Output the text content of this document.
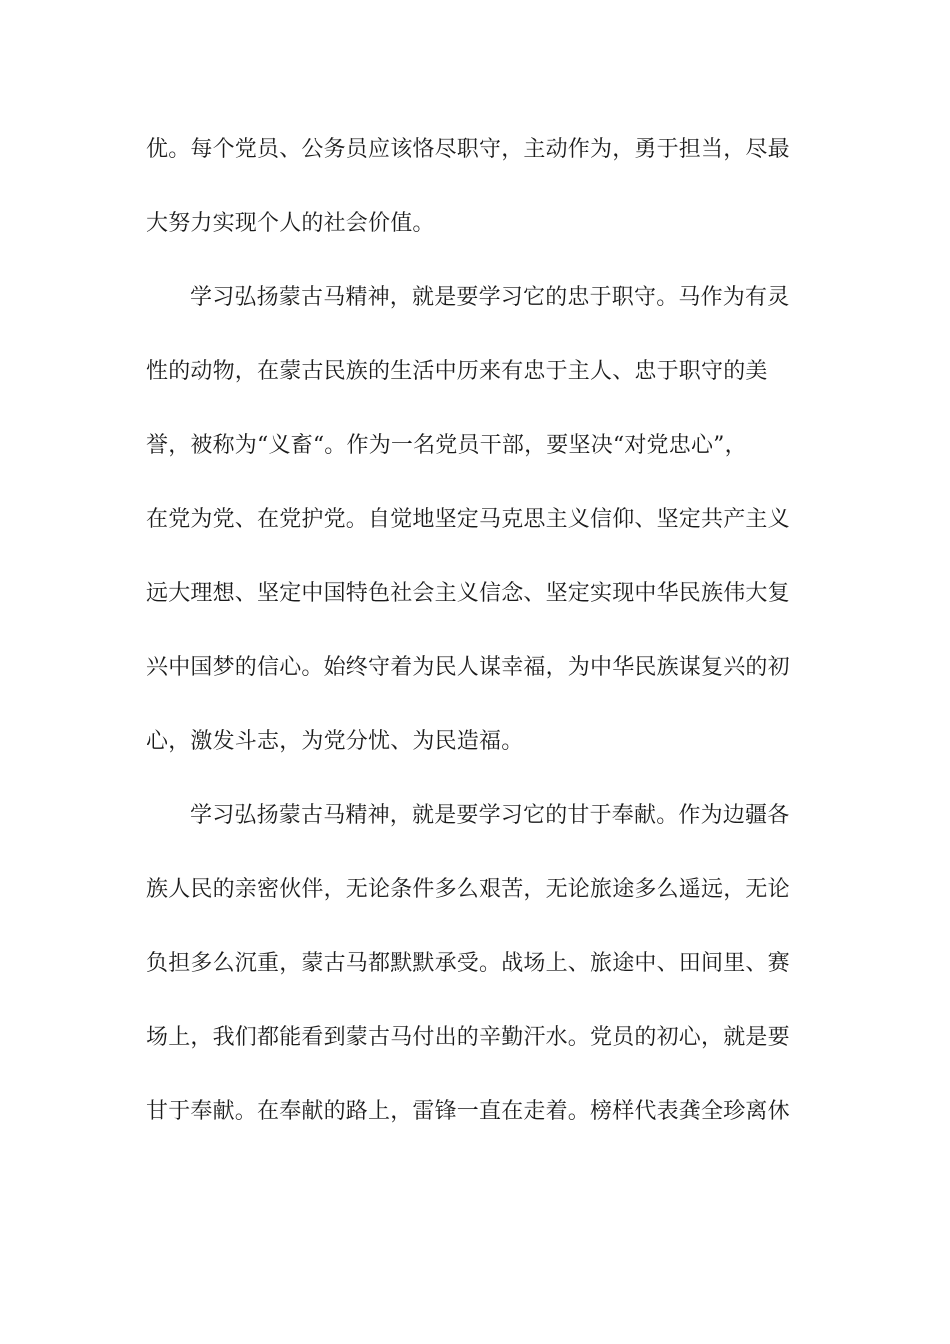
优。每个党员、公务员应该恪尽职守，主动作为，勇于担当，尽最
大努力实现个人的社会价值。
学习弘扬蒙古马精神，就是要学习它的忠于职守。马作为有灵
性的动物，在蒙古民族的生活中历来有忠于主人、忠于职守的美
誉，被称为“义畜“。作为一名党员干部，要坚决“对党忠心”，
在党为党、在党护党。自觉地坚定马克思主义信仰、坚定共产主义
远大理想、坚定中国特色社会主义信念、坚定实现中华民族伟大复
兴中国梦的信心。始终守着为民人谋幸福，为中华民族谋复兴的初
心，激发斗志，为党分忧、为民造福。
学习弘扬蒙古马精神，就是要学习它的甘于奉献。作为边疆各
族人民的亲密伙伴，无论条件多么艰苦，无论旅途多么遥远，无论
负担多么沉重，蒙古马都默默承受。战场上、旅途中、田间里、赛
场上，我们都能看到蒙古马付出的辛勤汗水。党员的初心，就是要
甘于奉献。在奉献的路上，雷锋一直在走着。榜样代表龚全珍离休
